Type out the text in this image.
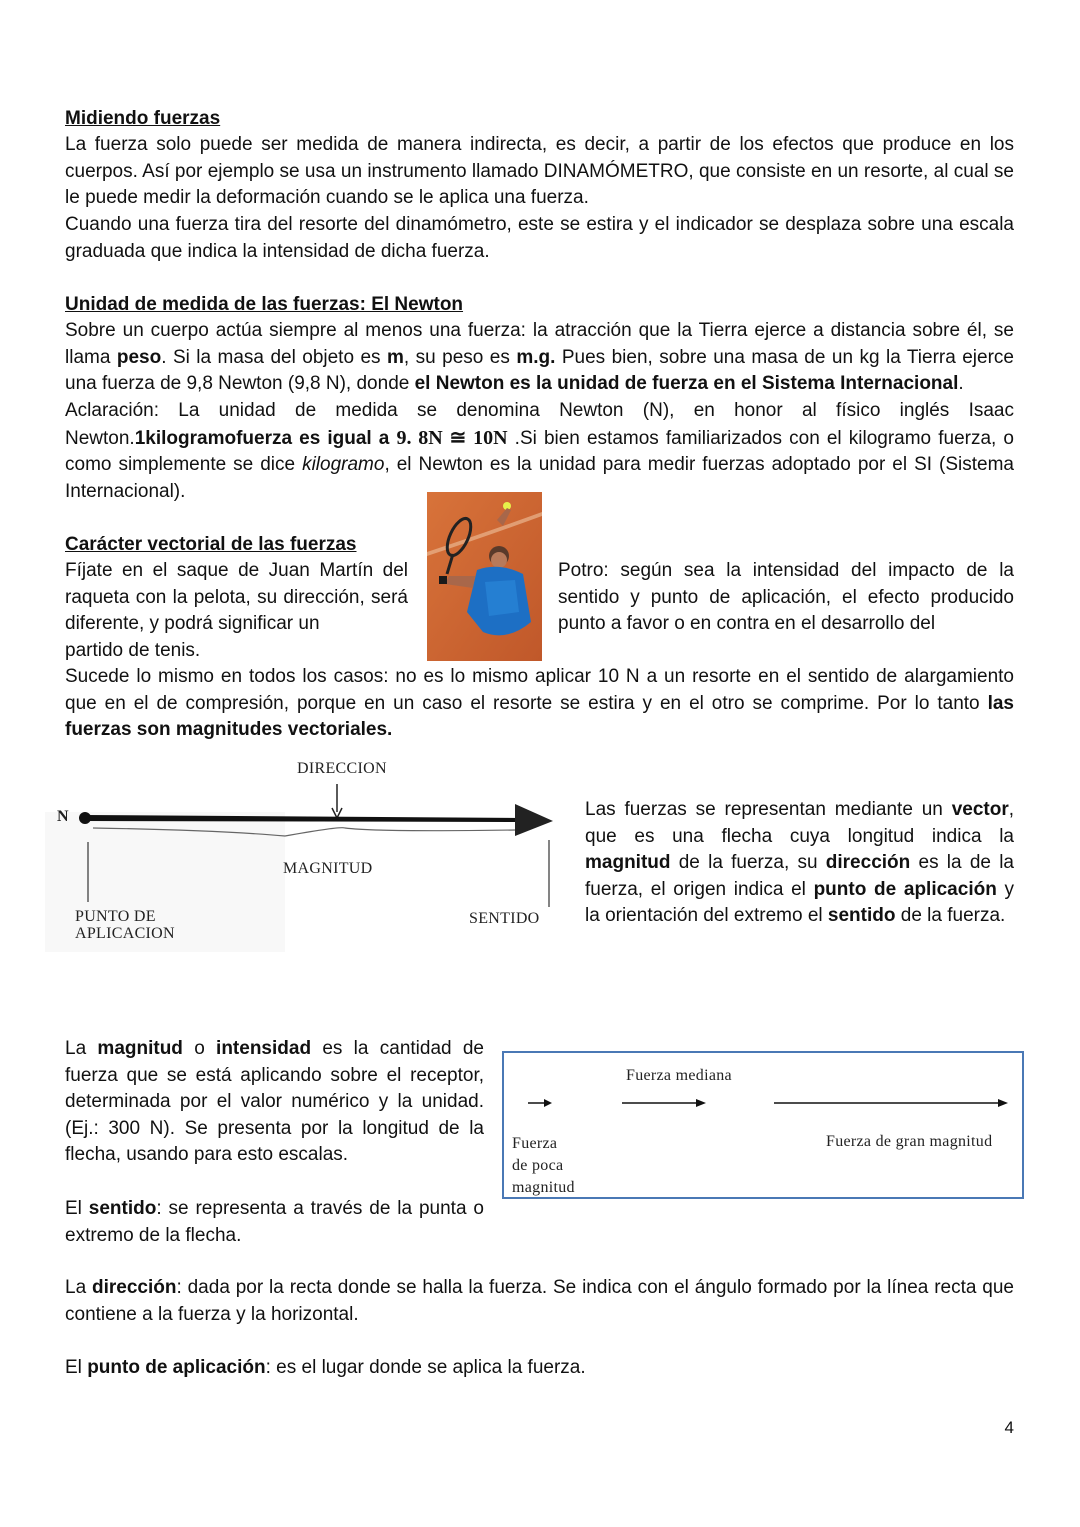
Midiendo fuerzas

La fuerza solo puede ser medida de manera indirecta, es decir, a partir de los efectos que produce en los cuerpos. Así por ejemplo se usa un instrumento llamado DINAMÓMETRO, que consiste en un resorte, al cual se le puede medir la deformación cuando se le aplica una fuerza.

Cuando una fuerza tira del resorte del dinamómetro, este se estira y el indicador se desplaza sobre una escala graduada que indica la intensidad de dicha fuerza.

Unidad de medida de las fuerzas: El Newton

Sobre un cuerpo actúa siempre al menos una fuerza: la atracción que la Tierra ejerce a distancia sobre él, se llama peso. Si la masa del objeto es m, su peso es m.g. Pues bien, sobre una masa de un kg la Tierra ejerce una fuerza de 9,8 Newton (9,8 N), donde el Newton es la unidad de fuerza en el Sistema Internacional.

Aclaración: La unidad de medida se denomina Newton (N), en honor al físico inglés Isaac Newton.1kilogramofuerza es igual a 9. 8N ≅ 10N .Si bien estamos familiarizados con el kilogramo fuerza, o como simplemente se dice kilogramo, el Newton es la unidad para medir fuerzas adoptado por el SI (Sistema Internacional).

Carácter vectorial de las fuerzas

Fíjate en el saque de Juan Martín del raqueta con la pelota, su dirección, será diferente, y podrá significar un

Potro: según sea la intensidad del impacto de la sentido y punto de aplicación, el efecto producido punto a favor o en contra en el desarrollo del

partido de tenis.

Sucede lo mismo en todos los casos: no es lo mismo aplicar 10 N a un resorte en el sentido de alargamiento que en el de compresión, porque en un caso el resorte se estira y en el otro se comprime. Por lo tanto las fuerzas son magnitudes vectoriales.

DIRECCION
N
MAGNITUD
PUNTO DE
APLICACION
SENTIDO

Las fuerzas se representan mediante un vector, que es una flecha cuya longitud indica la magnitud de la fuerza, su dirección es la de la fuerza, el origen indica el punto de aplicación y la orientación del extremo el sentido de la fuerza.

La magnitud o intensidad es la cantidad de fuerza que se está aplicando sobre el receptor, determinada por el valor numérico y la unidad. (Ej.: 300 N). Se presenta por la longitud de la flecha, usando para esto escalas.

Fuerza
de poca
magnitud
Fuerza mediana
Fuerza de gran magnitud

El sentido: se representa a través de la punta o extremo de la flecha.

La dirección: dada por la recta donde se halla la fuerza. Se indica con el ángulo formado por la línea recta que contiene a la fuerza y la horizontal.

El punto de aplicación: es el lugar donde se aplica la fuerza.

4
